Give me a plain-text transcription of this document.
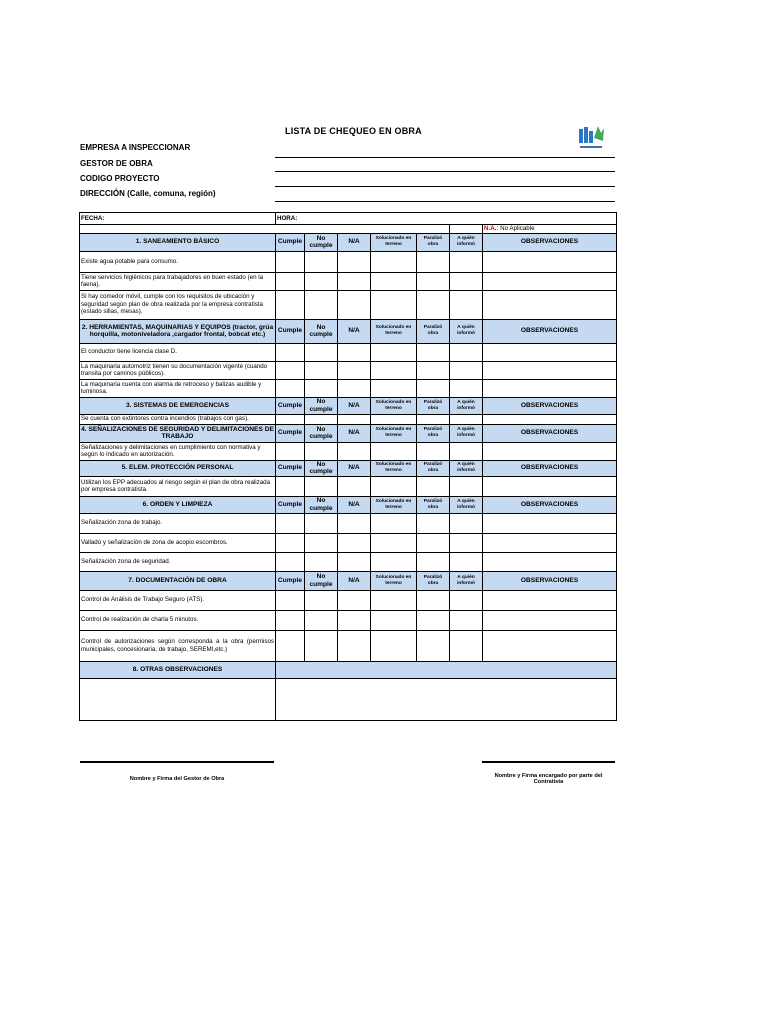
LISTA DE CHEQUEO EN OBRA
EMPRESA A INSPECCIONAR
GESTOR DE OBRA
CODIGO PROYECTO
DIRECCIÓN (Calle, comuna, región)
FECHA:	HORA:						
							N.A.: No Aplicable
1. SANEAMIENTO BÁSICO	Cumple	No cumple	N/A	Solucionado en terreno	Paralizó obra	A quién informó	OBSERVACIONES
Existe agua potable para consumo.							
Tiene servicios higiénicos para trabajadores en buen estado (en la faena).							
Si hay comedor móvil, cumple con los requisitos de ubicación y seguridad según plan de obra realizada por la empresa contratista (estado sillas, mesas).							
2. HERRAMIENTAS, MAQUINARIAS Y EQUIPOS (tractor, grúa horquilla, motoniveladora ,cargador frontal, bobcat etc.)	Cumple	No cumple	N/A	Solucionado en terreno	Paralizó obra	A quién informó	OBSERVACIONES
El conductor tiene licencia clase D.							
La maquinaria automotriz tienen su documentación vigente (cuando transita por caminos públicos).							
La maquinaria cuenta con alarma de retroceso y balizas audible y luminosa.							
3. SISTEMAS DE EMERGENCIAS	Cumple	No cumple	N/A	Solucionado en terreno	Paralizó obra	A quién informó	OBSERVACIONES
Se cuenta con extintores contra incendios (trabajos con gas).							
4. SEÑALIZACIONES DE SEGURIDAD Y DELIMITACIONES DE TRABAJO	Cumple	No cumple	N/A	Solucionado en terreno	Paralizó obra	A quién informó	OBSERVACIONES
Señalizaciones y delimitaciones en cumplimiento con normativa y según lo indicado en autorización.							
5. ELEM. PROTECCIÓN PERSONAL	Cumple	No cumple	N/A	Solucionado en terreno	Paralizó obra	A quién informó	OBSERVACIONES
Utilizan los EPP adecuados al riesgo según el plan de obra realizada por empresa contratista.							
6. ORDEN Y LIMPIEZA	Cumple	No cumple	N/A	Solucionado en terreno	Paralizó obra	A quién informó	OBSERVACIONES
Señalización zona de trabajo.							
Vallado y señalización de zona de acopio escombros.							
Señalización zona de seguridad.							
7. DOCUMENTACIÓN DE OBRA	Cumple	No cumple	N/A	Solucionado en terreno	Paralizó obra	A quién informó	OBSERVACIONES
Control de Análisis de Trabajo Seguro (ATS).							
Control de realización de charla 5 minutos.							
Control de autorizaciones según corresponda a la obra (permisos municipales, concesionaria, de trabajo, SEREMI,etc.)							
8. OTRAS OBSERVACIONES							

Nombre y Firma del Gestor de Obra	Nombre y Firma encargado por parte del Contratista
